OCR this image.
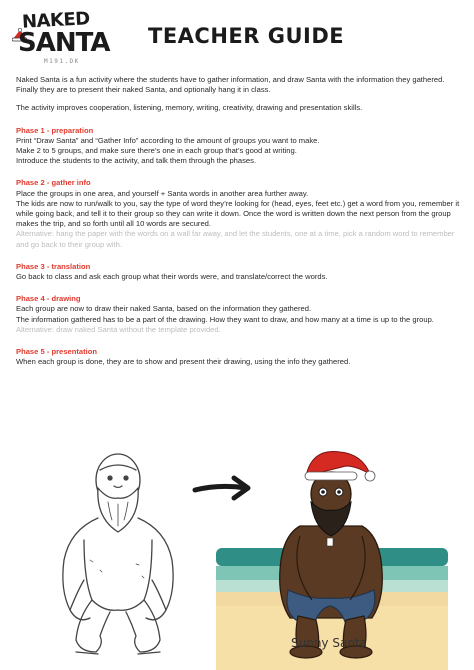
NAKED
SANTA
M191.DK
TEACHER GUIDE

Naked Santa is a fun activity where the students have to gather information, and draw Santa with the information they gathered. Finally they are to present their naked Santa, and optionally hang it in class.

The activity improves cooperation, listening, memory, writing, creativity, drawing and presentation skills.

Phase 1 - preparation

Print “Draw Santa” and “Gather Info” according to the amount of groups you want to make.

Make 2 to 5 groups, and make sure there’s one in each group that’s good at writing.

Introduce the students to the activity, and talk them through the phases.

Phase 2 - gather info

Place the groups in one area, and yourself + Santa words in another area further away.

The kids are now to run/walk to you, say the type of word they’re looking for (head, eyes, feet etc.) get a word from you, remember it while going back, and tell it to their group so they can write it down. Once the word is written down the next person from the group makes the trip, and so forth until all 10 words are secured.

Alternative: hang the paper with the words on a wall far away, and let the students, one at a time, pick a random word to remember and go back to their group with.

Phase 3 - translation

Go back to class and ask each group what their words were, and translate/correct the words.

Phase 4 - drawing

Each group are now to draw their naked Santa, based on the information they gathered.

The information gathered has to be a part of the drawing. How they want to draw, and how many at a time is up to the group.

Alternative: draw naked Santa without the template provided.

Phase 5 - presentation

When each group is done, they are to show and present their drawing, using the info they gathered.

Sunny Santa
